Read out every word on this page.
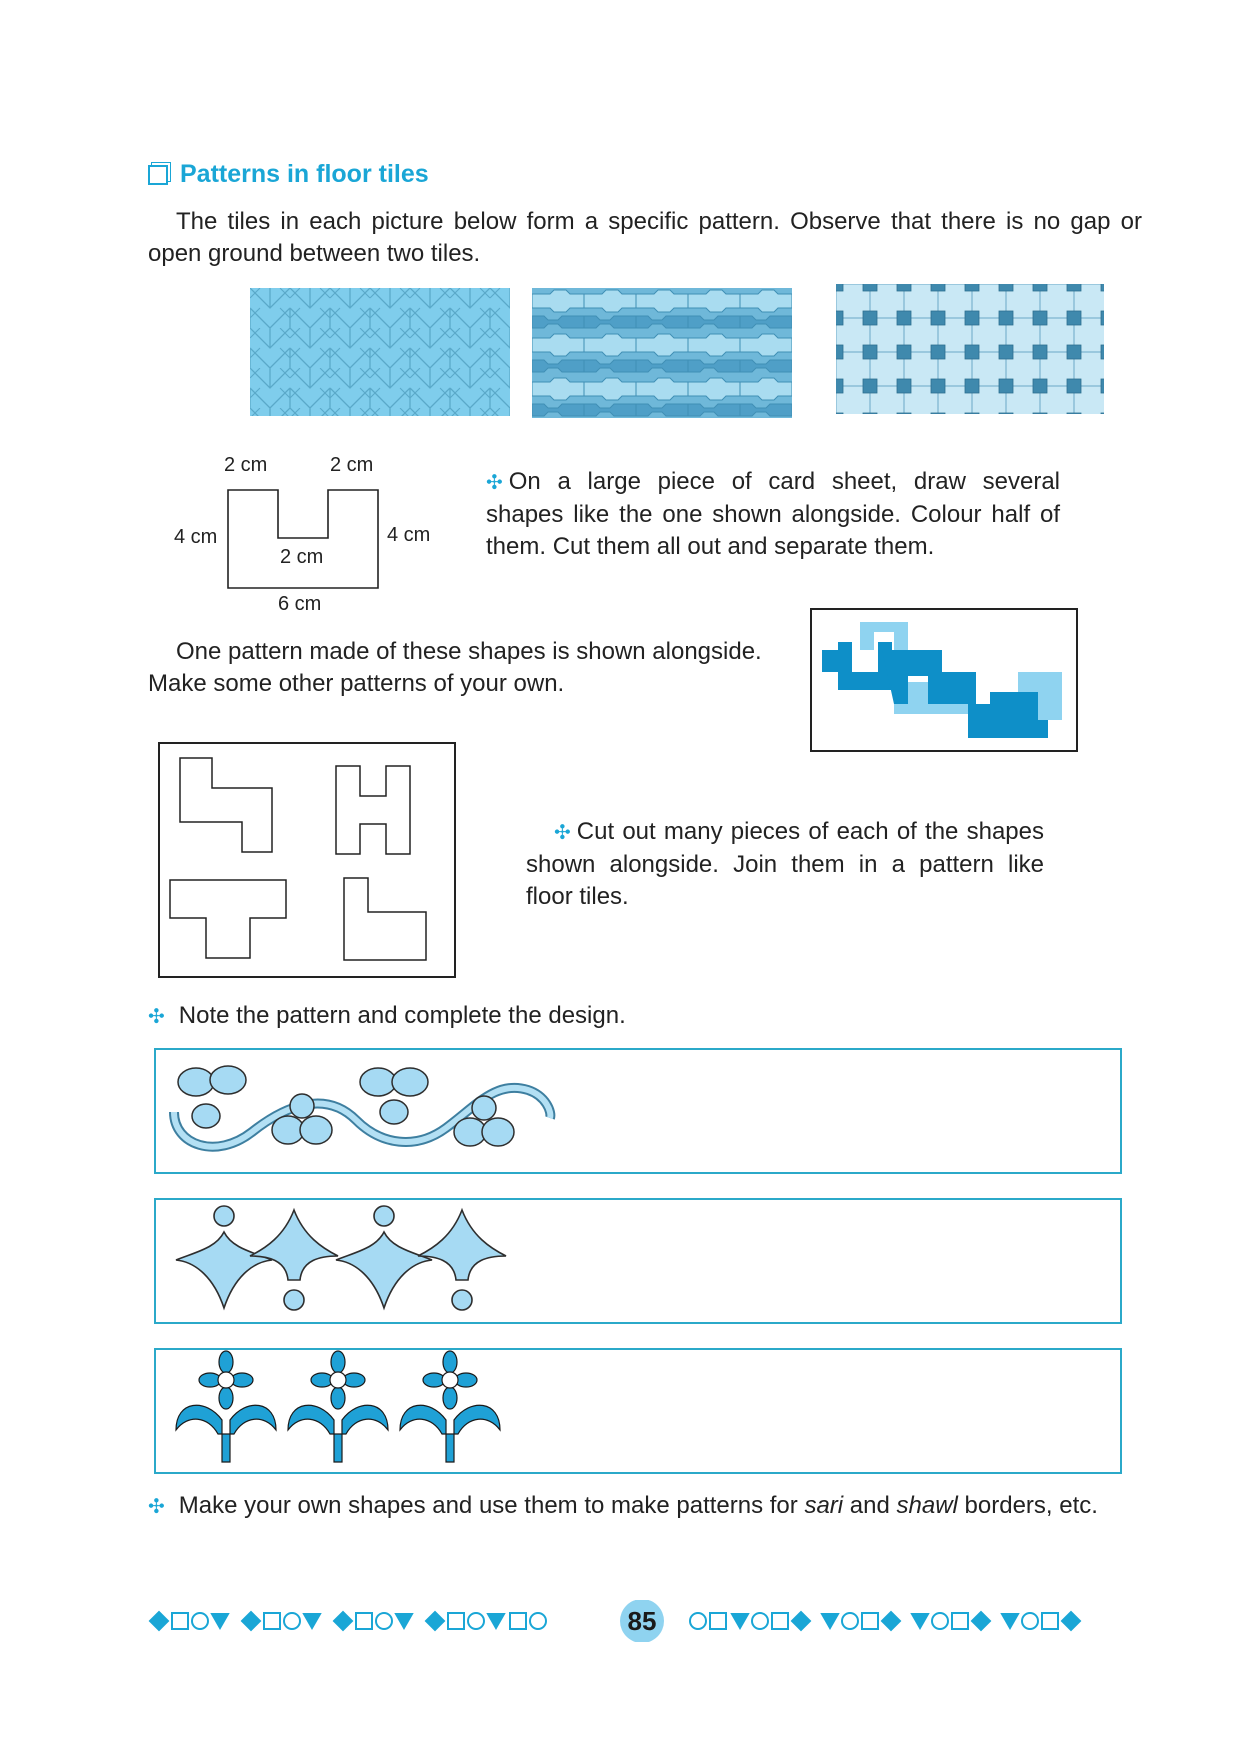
Patterns in floor tiles
The tiles in each picture below form a specific pattern. Observe that there is no gap or open ground between two tiles.
2 cm	2 cm
4 cm	4 cm
2 cm
6 cm
✣ On a large piece of card sheet, draw several shapes like the one shown alongside. Colour half of them. Cut them all out and separate them.
One pattern made of these shapes is shown alongside.
Make some other patterns of your own.
✣ Cut out many pieces of each of the shapes shown alongside. Join them in a pattern like floor tiles.
✣ Note the pattern and complete the design.
✣ Make your own shapes and use them to make patterns for sari and shawl borders, etc.
85
